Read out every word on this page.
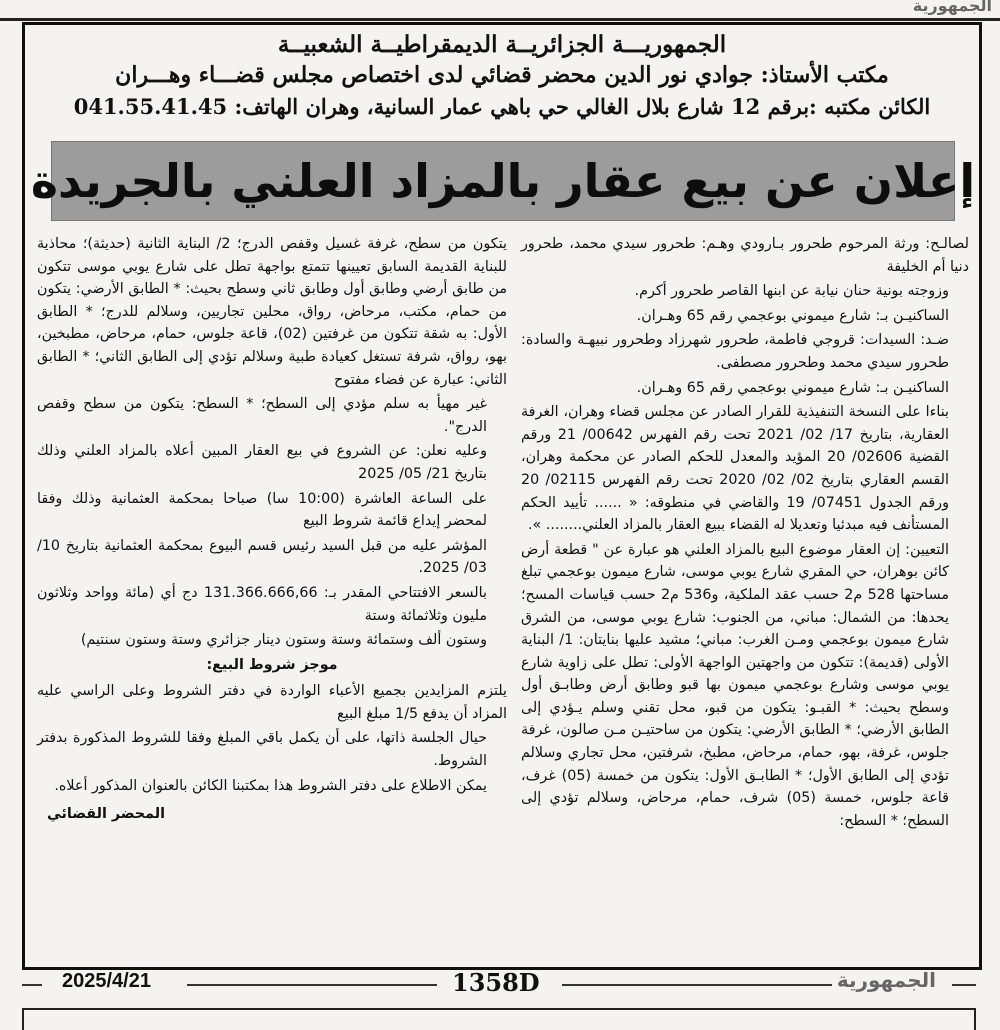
الجمهورية
الجمهوريـــة الجزائريــة الديمقراطيــة الشعبيــة
مكتب الأستاذ: جوادي نور الدين محضر قضائي لدى اختصاص مجلس قضـــاء وهـــران
الكائن مكتبه :برقم 12 شارع بلال الغالي حي باهي عمار السانية، وهران الهاتف: 041.55.41.45
إعلان عن بيع عقار بالمزاد العلني بالجريدة

لصالـح: ورثة المرحوم طحرور بـارودي وهـم: طحرور سيدي محمد، طحرور دنيا أم الخليفة

وزوجته بونية حنان نيابة عن ابنها القاصر طحرور أكرم.

الساكنيـن بـ: شارع ميموني بوعجمي رقم 65 وهـران.

ضـد: السيدات: قروجي فاطمة، طحرور شهرزاد وطحرور نبيهـة والسادة: طحرور سيدي محمد وطحرور مصطفى.

الساكنيـن بـ: شارع ميموني بوعجمي رقم 65 وهـران.

بناءا على النسخة التنفيذية للقرار الصادر عن مجلس قضاء وهران، الغرفة العقارية، بتاريخ 17/ 02/ 2021 تحت رقم الفهرس 00642/ 21 ورقم القضية 02606/ 20 المؤيد والمعدل للحكم الصادر عن محكمة وهران، القسم العقاري بتاريخ 02/ 02/ 2020 تحت رقم الفهرس 02115/ 20 ورقم الجدول 07451/ 19 والقاضي في منطوقه: « ...... تأييد الحكم المستأنف فيه مبدئيا وتعديلا له القضاء ببيع العقار بالمزاد العلني........ ».

التعيين: إن العقار موضوع البيع بالمزاد العلني هو عبارة عن " قطعة أرض كائن بوهران، حي المقري شارع يوبي موسى، شارع ميمون بوعجمي تبلغ مساحتها 528 م2 حسب عقد الملكية، و536 م2 حسب قياسات المسح؛ يحدها: من الشمال: مباني، من الجنوب: شارع يوبي موسى، من الشرق شارع ميمون بوعجمي ومـن الغرب: مباني؛ مشيد عليها بنايتان: 1/ البناية الأولى (قديمة): تتكون من واجهتين الواجهة الأولى: تطل على زاوية شارع يوبي موسى وشارع بوعجمي ميمون بها قبو وطابق أرض وطابـق أول وسطح بحيث: * القبـو: يتكون من قبو، محل تقني وسلم يـؤدي إلى الطابق الأرضي؛ * الطابق الأرضي: يتكون من ساحتيـن مـن صالون، غرفة جلوس، غرفة، بهو، حمام، مرحاض، مطبخ، شرفتين، محل تجاري وسلالم تؤدي إلى الطابق الأول؛ * الطابـق الأول: يتكون من خمسة (05) غرف، قاعة جلوس، خمسة (05) شرف، حمام، مرحاض، وسلالم تؤدي إلى السطح؛ * السطح:

يتكون من سطح، غرفة غسيل وقفص الدرج؛ 2/ البناية الثانية (حديثة)؛ محاذية للبناية القديمة السابق تعيينها تتمتع بواجهة تطل على شارع يوبي موسى تتكون من طابق أرضي وطابق أول وطابق ثاني وسطح بحيث: * الطابق الأرضي: يتكون من حمام، مكتب، مرحاض، رواق، محلين تجاريين، وسلالم للدرج؛ * الطابق الأول: به شقة تتكون من غرفتين (02)، قاعة جلوس، حمام، مرحاض، مطبخين، بهو، رواق، شرفة تستغل كعيادة طبية وسلالم تؤدي إلى الطابق الثاني؛ * الطابق الثاني: عبارة عن فضاء مفتوح

غير مهيأ به سلم مؤدي إلى السطح؛ * السطح: يتكون من سطح وقفص الدرج".

وعليه نعلن: عن الشروع في بيع العقار المبين أعلاه بالمزاد العلني وذلك بتاريخ 21/ 05/ 2025

على الساعة العاشرة (10:00 سا) صباحا بمحكمة العثمانية وذلك وفقا لمحضر إيداع قائمة شروط البيع

المؤشر عليه من قبل السيد رئيس قسم البيوع بمحكمة العثمانية بتاريخ 10/ 03/ 2025.

بالسعر الافتتاحي المقدر بـ: 131.366.666,66 دج أي (مائة وواحد وثلاثون مليون وثلاثمائة وستة

وستون ألف وستمائة وستة وستون دينار جزائري وستة وستون سنتيم)

موجز شروط البيع:

يلتزم المزايدين بجميع الأعباء الواردة في دفتر الشروط وعلى الراسي عليه المزاد أن يدفع 1/5 مبلغ البيع

حيال الجلسة ذاتها، على أن يكمل باقي المبلغ وفقا للشروط المذكورة بدفتر الشروط.

يمكن الاطلاع على دفتر الشروط هذا بمكتبنا الكائن بالعنوان المذكور أعلاه.

المحضر القضائي

2025/4/21	1358D	الجمهورية
